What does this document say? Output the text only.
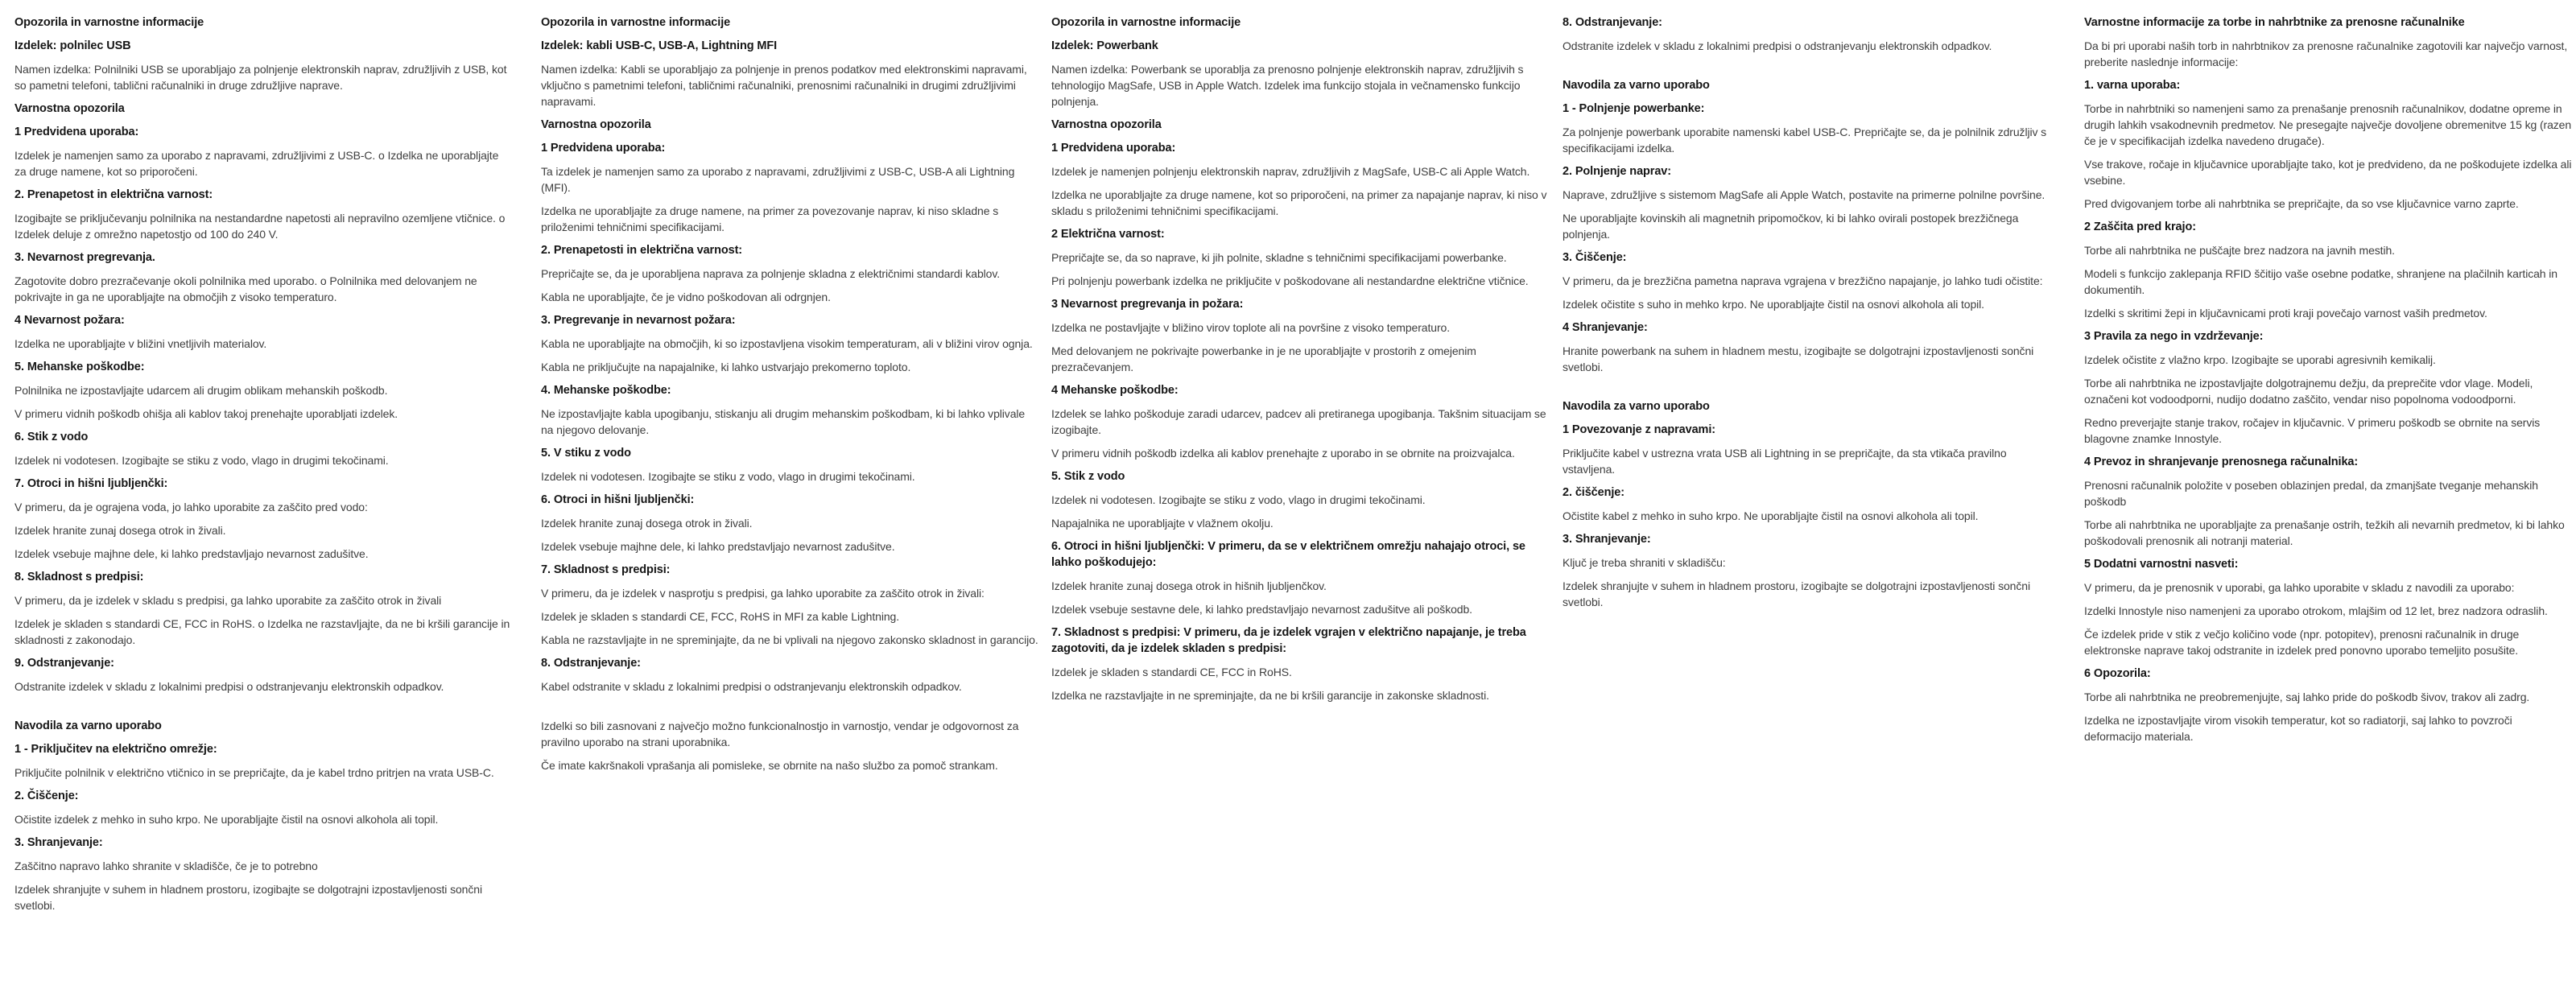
Opozorila in varnostne informacije
Izdelek: polnilec USB

Namen izdelka: Polnilniki USB se uporabljajo za polnjenje elektronskih naprav, združljivih z USB, kot so pametni telefoni, tablični računalniki in druge združljive naprave.

Varnostna opozorila
1 Predvidena uporaba:

Izdelek je namenjen samo za uporabo z napravami, združljivimi z USB-C. o Izdelka ne uporabljajte za druge namene, kot so priporočeni.

2. Prenapetost in električna varnost:

Izogibajte se priključevanju polnilnika na nestandardne napetosti ali nepravilno ozemljene vtičnice. o Izdelek deluje z omrežno napetostjo od 100 do 240 V.

3. Nevarnost pregrevanja.

Zagotovite dobro prezračevanje okoli polnilnika med uporabo. o Polnilnika med delovanjem ne pokrivajte in ga ne uporabljajte na območjih z visoko temperaturo.

4 Nevarnost požara:

Izdelka ne uporabljajte v bližini vnetljivih materialov.

5. Mehanske poškodbe:

Polnilnika ne izpostavljajte udarcem ali drugim oblikam mehanskih poškodb.

V primeru vidnih poškodb ohišja ali kablov takoj prenehajte uporabljati izdelek.

6. Stik z vodo

Izdelek ni vodotesen. Izogibajte se stiku z vodo, vlago in drugimi tekočinami.

7. Otroci in hišni ljubljenčki:

V primeru, da je ograjena voda, jo lahko uporabite za zaščito pred vodo:

Izdelek hranite zunaj dosega otrok in živali.

Izdelek vsebuje majhne dele, ki lahko predstavljajo nevarnost zadušitve.

8. Skladnost s predpisi:

V primeru, da je izdelek v skladu s predpisi, ga lahko uporabite za zaščito otrok in živali

Izdelek je skladen s standardi CE, FCC in RoHS. o Izdelka ne razstavljajte, da ne bi kršili garancije in skladnosti z zakonodajo.

9. Odstranjevanje:

Odstranite izdelek v skladu z lokalnimi predpisi o odstranjevanju elektronskih odpadkov.

Navodila za varno uporabo
1 - Priključitev na električno omrežje:

Priključite polnilnik v električno vtičnico in se prepričajte, da je kabel trdno pritrjen na vrata USB-C.

2. Čiščenje:

Očistite izdelek z mehko in suho krpo. Ne uporabljajte čistil na osnovi alkohola ali topil.

3. Shranjevanje:

Zaščitno napravo lahko shranite v skladišče, če je to potrebno

Izdelek shranjujte v suhem in hladnem prostoru, izogibajte se dolgotrajni izpostavljenosti sončni svetlobi.

Opozorila in varnostne informacije
Izdelek: kabli USB-C, USB-A, Lightning MFI

Namen izdelka: Kabli se uporabljajo za polnjenje in prenos podatkov med elektronskimi napravami, vključno s pametnimi telefoni, tabličnimi računalniki, prenosnimi računalniki in drugimi združljivimi napravami.

Varnostna opozorila
1 Predvidena uporaba:

Ta izdelek je namenjen samo za uporabo z napravami, združljivimi z USB-C, USB-A ali Lightning (MFI).

Izdelka ne uporabljajte za druge namene, na primer za povezovanje naprav, ki niso skladne s priloženimi tehničnimi specifikacijami.

2. Prenapetosti in električna varnost:

Prepričajte se, da je uporabljena naprava za polnjenje skladna z električnimi standardi kablov.

Kabla ne uporabljajte, če je vidno poškodovan ali odrgnjen.

3. Pregrevanje in nevarnost požara:

Kabla ne uporabljajte na območjih, ki so izpostavljena visokim temperaturam, ali v bližini virov ognja.

Kabla ne priključujte na napajalnike, ki lahko ustvarjajo prekomerno toploto.

4. Mehanske poškodbe:

Ne izpostavljajte kabla upogibanju, stiskanju ali drugim mehanskim poškodbam, ki bi lahko vplivale na njegovo delovanje.

5. V stiku z vodo

Izdelek ni vodotesen. Izogibajte se stiku z vodo, vlago in drugimi tekočinami.

6. Otroci in hišni ljubljenčki:

Izdelek hranite zunaj dosega otrok in živali.

Izdelek vsebuje majhne dele, ki lahko predstavljajo nevarnost zadušitve.

7. Skladnost s predpisi:

V primeru, da je izdelek v nasprotju s predpisi, ga lahko uporabite za zaščito otrok in živali:

Izdelek je skladen s standardi CE, FCC, RoHS in MFI za kable Lightning.

Kabla ne razstavljajte in ne spreminjajte, da ne bi vplivali na njegovo zakonsko skladnost in garancijo.

8. Odstranjevanje:

Kabel odstranite v skladu z lokalnimi predpisi o odstranjevanju elektronskih odpadkov.

Izdelki so bili zasnovani z največjo možno funkcionalnostjo in varnostjo, vendar je odgovornost za pravilno uporabo na strani uporabnika.

Če imate kakršnakoli vprašanja ali pomisleke, se obrnite na našo službo za pomoč strankam.

Opozorila in varnostne informacije
Izdelek: Powerbank

Namen izdelka: Powerbank se uporablja za prenosno polnjenje elektronskih naprav, združljivih s tehnologijo MagSafe, USB in Apple Watch. Izdelek ima funkcijo stojala in večnamensko funkcijo polnjenja.

Varnostna opozorila
1 Predvidena uporaba:

Izdelek je namenjen polnjenju elektronskih naprav, združljivih z MagSafe, USB-C ali Apple Watch.

Izdelka ne uporabljajte za druge namene, kot so priporočeni, na primer za napajanje naprav, ki niso v skladu s priloženimi tehničnimi specifikacijami.

2 Električna varnost:

Prepričajte se, da so naprave, ki jih polnite, skladne s tehničnimi specifikacijami powerbanke.

Pri polnjenju powerbank izdelka ne priključite v poškodovane ali nestandardne električne vtičnice.

3 Nevarnost pregrevanja in požara:

Izdelka ne postavljajte v bližino virov toplote ali na površine z visoko temperaturo.

Med delovanjem ne pokrivajte powerbanke in je ne uporabljajte v prostorih z omejenim prezračevanjem.

4 Mehanske poškodbe:

Izdelek se lahko poškoduje zaradi udarcev, padcev ali pretiranega upogibanja. Takšnim situacijam se izogibajte.

V primeru vidnih poškodb izdelka ali kablov prenehajte z uporabo in se obrnite na proizvajalca.

5. Stik z vodo

Izdelek ni vodotesen. Izogibajte se stiku z vodo, vlago in drugimi tekočinami.

Napajalnika ne uporabljajte v vlažnem okolju.

6. Otroci in hišni ljubljenčki: V primeru, da se v električnem omrežju nahajajo otroci, se lahko poškodujejo:

Izdelek hranite zunaj dosega otrok in hišnih ljubljenčkov.

Izdelek vsebuje sestavne dele, ki lahko predstavljajo nevarnost zadušitve ali poškodb.

7. Skladnost s predpisi: V primeru, da je izdelek vgrajen v električno napajanje, je treba zagotoviti, da je izdelek skladen s predpisi:

Izdelek je skladen s standardi CE, FCC in RoHS.

Izdelka ne razstavljajte in ne spreminjajte, da ne bi kršili garancije in zakonske skladnosti.

8. Odstranjevanje:

Odstranite izdelek v skladu z lokalnimi predpisi o odstranjevanju elektronskih odpadkov.

Navodila za varno uporabo
1 - Polnjenje powerbanke:

Za polnjenje powerbank uporabite namenski kabel USB-C. Prepričajte se, da je polnilnik združljiv s specifikacijami izdelka.

2. Polnjenje naprav:

Naprave, združljive s sistemom MagSafe ali Apple Watch, postavite na primerne polnilne površine.

Ne uporabljajte kovinskih ali magnetnih pripomočkov, ki bi lahko ovirali postopek brezžičnega polnjenja.

3. Čiščenje:

V primeru, da je brezžična pametna naprava vgrajena v brezžično napajanje, jo lahko tudi očistite:

Izdelek očistite s suho in mehko krpo. Ne uporabljajte čistil na osnovi alkohola ali topil.

4 Shranjevanje:

Hranite powerbank na suhem in hladnem mestu, izogibajte se dolgotrajni izpostavljenosti sončni svetlobi.

Navodila za varno uporabo
1 Povezovanje z napravami:

Priključite kabel v ustrezna vrata USB ali Lightning in se prepričajte, da sta vtikača pravilno vstavljena.

2. čiščenje:

Očistite kabel z mehko in suho krpo. Ne uporabljajte čistil na osnovi alkohola ali topil.

3. Shranjevanje:

Ključ je treba shraniti v skladišču:

Izdelek shranjujte v suhem in hladnem prostoru, izogibajte se dolgotrajni izpostavljenosti sončni svetlobi.

Varnostne informacije za torbe in nahrbtnike za prenosne računalnike

Da bi pri uporabi naših torb in nahrbtnikov za prenosne računalnike zagotovili kar največjo varnost, preberite naslednje informacije:

1. varna uporaba:

Torbe in nahrbtniki so namenjeni samo za prenašanje prenosnih računalnikov, dodatne opreme in drugih lahkih vsakodnevnih predmetov. Ne presegajte največje dovoljene obremenitve 15 kg (razen če je v specifikacijah izdelka navedeno drugače).

Vse trakove, ročaje in ključavnice uporabljajte tako, kot je predvideno, da ne poškodujete izdelka ali vsebine.

Pred dvigovanjem torbe ali nahrbtnika se prepričajte, da so vse ključavnice varno zaprte.

2 Zaščita pred krajo:

Torbe ali nahrbtnika ne puščajte brez nadzora na javnih mestih.

Modeli s funkcijo zaklepanja RFID ščitijo vaše osebne podatke, shranjene na plačilnih karticah in dokumentih.

Izdelki s skritimi žepi in ključavnicami proti kraji povečajo varnost vaših predmetov.

3 Pravila za nego in vzdrževanje:

Izdelek očistite z vlažno krpo. Izogibajte se uporabi agresivnih kemikalij.

Torbe ali nahrbtnika ne izpostavljajte dolgotrajnemu dežju, da preprečite vdor vlage. Modeli, označeni kot vodoodporni, nudijo dodatno zaščito, vendar niso popolnoma vodoodporni.

Redno preverjajte stanje trakov, ročajev in ključavnic. V primeru poškodb se obrnite na servis blagovne znamke Innostyle.

4 Prevoz in shranjevanje prenosnega računalnika:

Prenosni računalnik položite v poseben oblazinjen predal, da zmanjšate tveganje mehanskih poškodb

Torbe ali nahrbtnika ne uporabljajte za prenašanje ostrih, težkih ali nevarnih predmetov, ki bi lahko poškodovali prenosnik ali notranji material.

5 Dodatni varnostni nasveti:

V primeru, da je prenosnik v uporabi, ga lahko uporabite v skladu z navodili za uporabo:

Izdelki Innostyle niso namenjeni za uporabo otrokom, mlajšim od 12 let, brez nadzora odraslih.

Če izdelek pride v stik z večjo količino vode (npr. potopitev), prenosni računalnik in druge elektronske naprave takoj odstranite in izdelek pred ponovno uporabo temeljito posušite.

6 Opozorila:

Torbe ali nahrbtnika ne preobremenjujte, saj lahko pride do poškodb šivov, trakov ali zadrg.

Izdelka ne izpostavljajte virom visokih temperatur, kot so radiatorji, saj lahko to povzroči deformacijo materiala.
